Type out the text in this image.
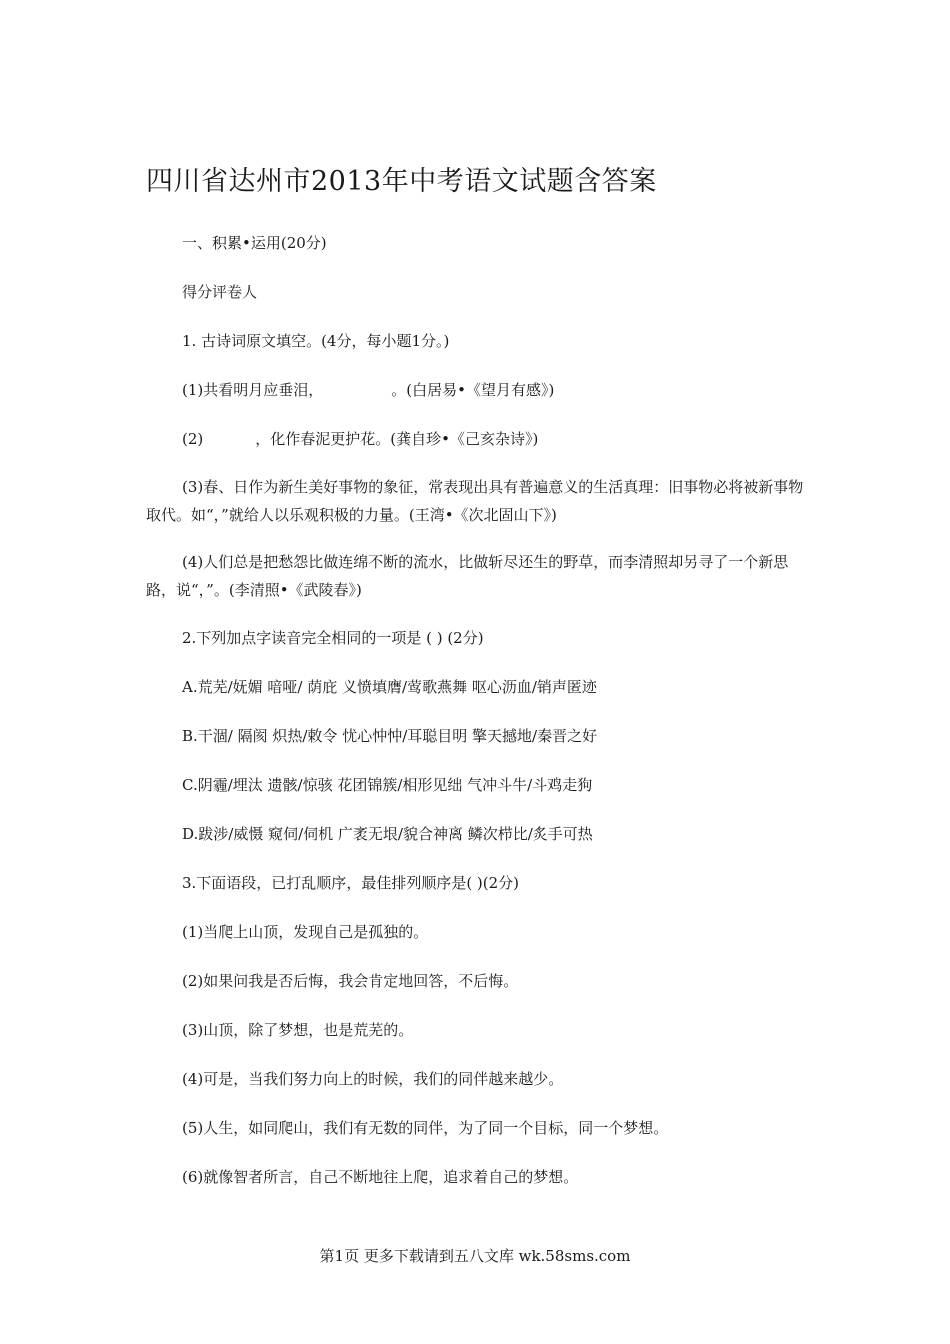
四川省达州市2013年中考语文试题含答案

一、积累•运用(20分)

得分评卷人

1. 古诗词原文填空。(4分，每小题1分。)

(1)共看明月应垂泪，	。(白居易•《望月有感》)

(2)	，化作春泥更护花。(龚自珍•《己亥杂诗》)

(3)春、日作为新生美好事物的象征，常表现出具有普遍意义的生活真理：旧事物必将被新事物取代。如“，”就给人以乐观积极的力量。(王湾•《次北固山下》)

(4)人们总是把愁怨比做连绵不断的流水，比做斩尽还生的野草，而李清照却另寻了一个新思路，说“，”。(李清照•《武陵春》)

2.下列加点字读音完全相同的一项是 ( ) (2分)

A.荒芜/妩媚 喑哑/ 荫庇 义愤填膺/莺歌燕舞 呕心沥血/销声匿迹

B.干涸/ 隔阂 炽热/敕令 忧心忡忡/耳聪目明 擎天撼地/秦晋之好

C.阴霾/埋汰 遗骸/惊骇 花团锦簇/相形见绌 气冲斗牛/斗鸡走狗

D.跋涉/威慑 窥伺/伺机 广袤无垠/貌合神离 鳞次栉比/炙手可热

3.下面语段，已打乱顺序，最佳排列顺序是( )(2分)

(1)当爬上山顶，发现自己是孤独的。

(2)如果问我是否后悔，我会肯定地回答，不后悔。

(3)山顶，除了梦想，也是荒芜的。

(4)可是，当我们努力向上的时候，我们的同伴越来越少。

(5)人生，如同爬山，我们有无数的同伴，为了同一个目标，同一个梦想。

(6)就像智者所言，自己不断地往上爬，追求着自己的梦想。

第1页 更多下载请到五八文库 wk.58sms.com
